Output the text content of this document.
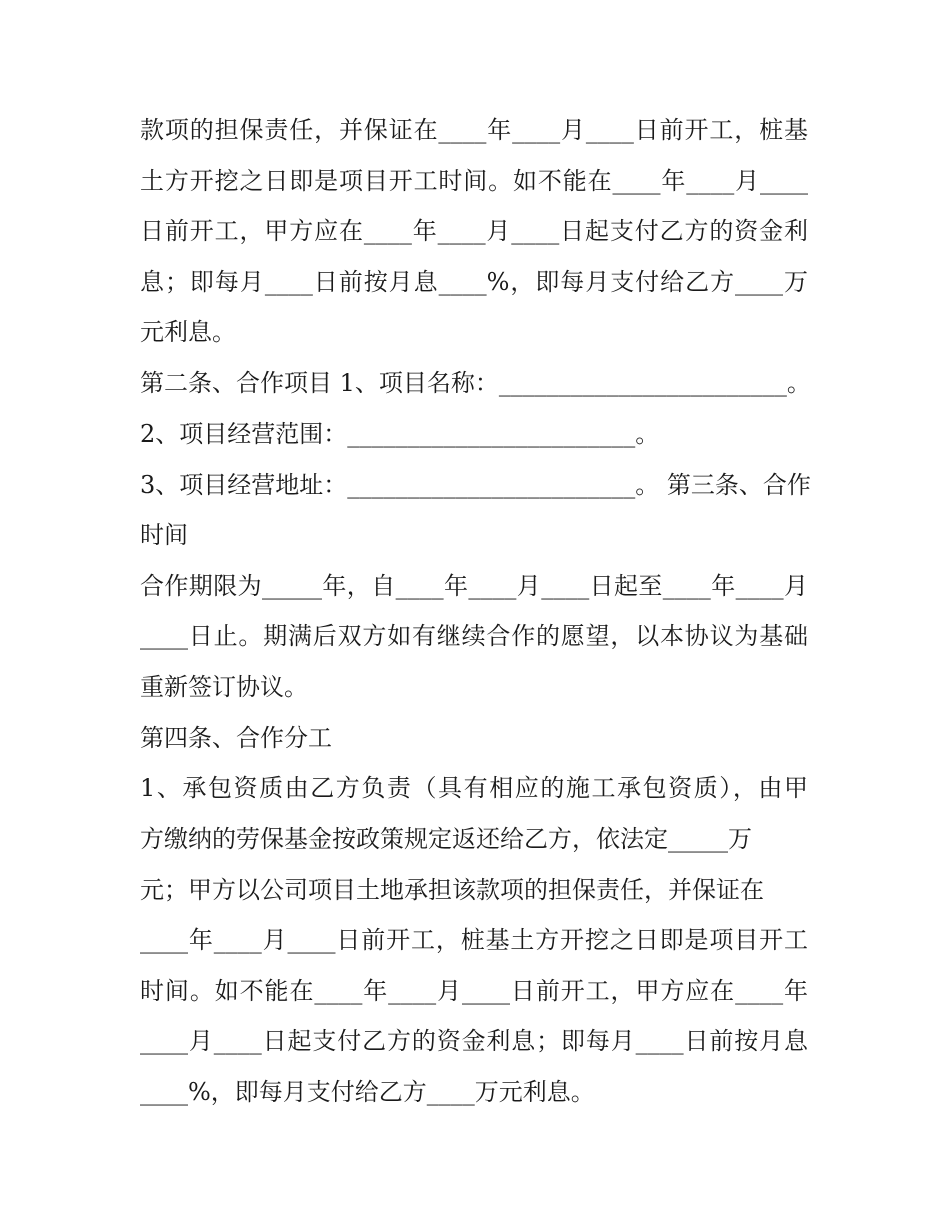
款项的担保责任，并保证在____年____月____日前开工，桩基
土方开挖之日即是项目开工时间。如不能在____年____月____
日前开工，甲方应在____年____月____日起支付乙方的资金利
息；即每月____日前按月息____%，即每月支付给乙方____万
元利息。
第二条、合作项目 1、项目名称：________________________。
2、项目经营范围：________________________。
3、项目经营地址：________________________。 第三条、合作
时间
合作期限为_____年，自____年____月____日起至____年____月
____日止。期满后双方如有继续合作的愿望，以本协议为基础
重新签订协议。
第四条、合作分工
1、承包资质由乙方负责（具有相应的施工承包资质），由甲
方缴纳的劳保基金按政策规定返还给乙方，依法定_____万
元；甲方以公司项目土地承担该款项的担保责任，并保证在
____年____月____日前开工，桩基土方开挖之日即是项目开工
时间。如不能在____年____月____日前开工，甲方应在____年
____月____日起支付乙方的资金利息；即每月____日前按月息
____%，即每月支付给乙方____万元利息。
